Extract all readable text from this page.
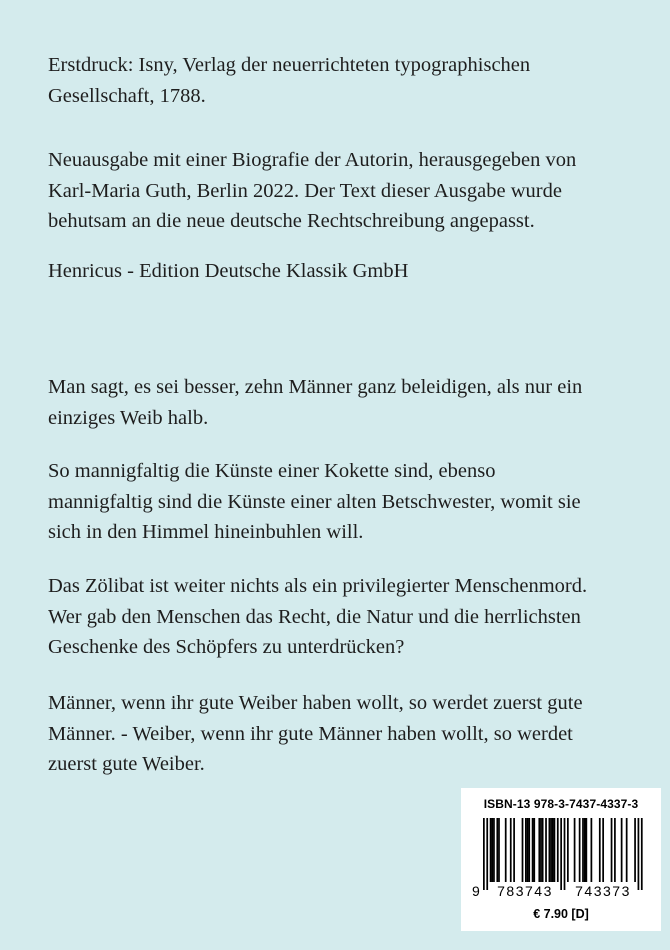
Erstdruck: Isny, Verlag der neuerrichteten typographischen
Gesellschaft, 1788.

Neuausgabe mit einer Biografie der Autorin, herausgegeben von
Karl-Maria Guth, Berlin 2022. Der Text dieser Ausgabe wurde
behutsam an die neue deutsche Rechtschreibung angepasst.

Henricus - Edition Deutsche Klassik GmbH

Man sagt, es sei besser, zehn Männer ganz beleidigen, als nur ein
einziges Weib halb.

So mannigfaltig die Künste einer Kokette sind, ebenso
mannigfaltig sind die Künste einer alten Betschwester, womit sie
sich in den Himmel hineinbuhlen will.

Das Zölibat ist weiter nichts als ein privilegierter Menschenmord.
Wer gab den Menschen das Recht, die Natur und die herrlichsten
Geschenke des Schöpfers zu unterdrücken?

Männer, wenn ihr gute Weiber haben wollt, so werdet zuerst gute
Männer. - Weiber, wenn ihr gute Männer haben wollt, so werdet
zuerst gute Weiber.

ISBN-13 978-3-7437-4337-3
9 783743 743373
€ 7.90 [D]
